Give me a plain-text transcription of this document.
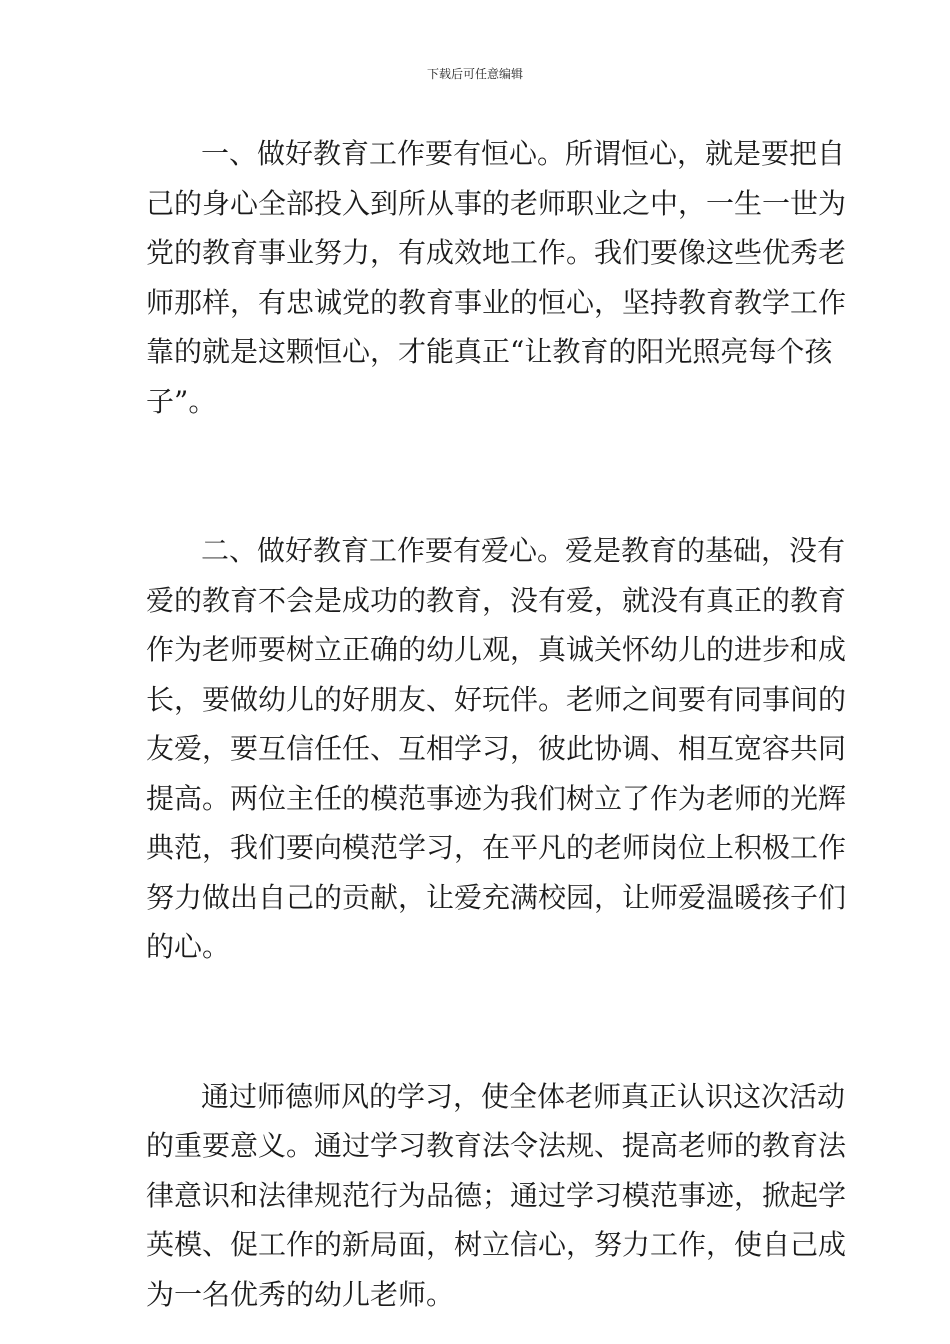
下载后可任意编辑
一、做好教育工作要有恒心。所谓恒心，就是要把自
己的身心全部投入到所从事的老师职业之中，一生一世为
党的教育事业努力，有成效地工作。我们要像这些优秀老
师那样，有忠诚党的教育事业的恒心，坚持教育教学工作
靠的就是这颗恒心，才能真正“让教育的阳光照亮每个孩
子”。
二、做好教育工作要有爱心。爱是教育的基础，没有
爱的教育不会是成功的教育，没有爱，就没有真正的教育
作为老师要树立正确的幼儿观，真诚关怀幼儿的进步和成
长，要做幼儿的好朋友、好玩伴。老师之间要有同事间的
友爱，要互信任任、互相学习，彼此协调、相互宽容共同
提高。两位主任的模范事迹为我们树立了作为老师的光辉
典范，我们要向模范学习，在平凡的老师岗位上积极工作
努力做出自己的贡献，让爱充满校园，让师爱温暖孩子们
的心。
通过师德师风的学习，使全体老师真正认识这次活动
的重要意义。通过学习教育法令法规、提高老师的教育法
律意识和法律规范行为品德；通过学习模范事迹，掀起学
英模、促工作的新局面，树立信心，努力工作，使自己成
为一名优秀的幼儿老师。
